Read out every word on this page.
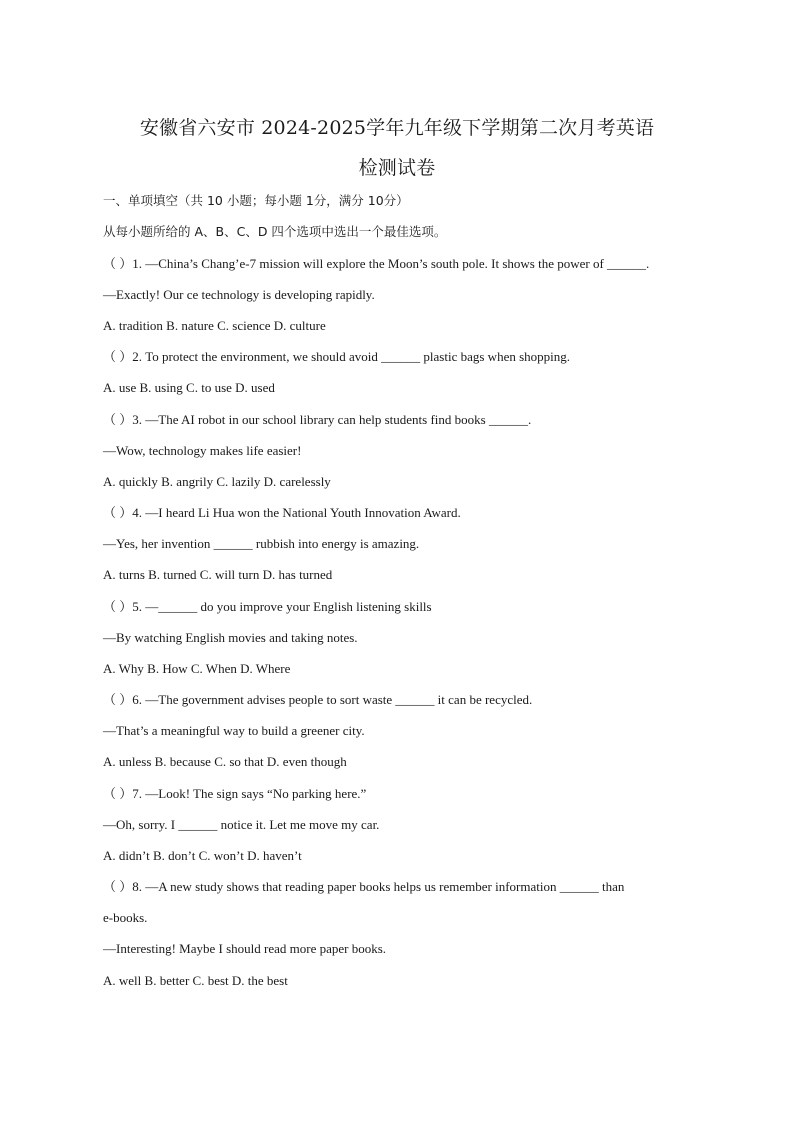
安徽省六安市 2024-2025学年九年级下学期第二次月考英语
检测试卷
一、单项填空（共 10 小题；每小题 1分，满分 10分）
从每小题所给的 A、B、C、D 四个选项中选出一个最佳选项。
（ ）1. —China’s Chang’e-7 mission will explore the Moon’s south pole. It shows the power of ______.
—Exactly! Our ce technology is developing rapidly.
A. tradition B. nature C. science D. culture
（ ）2. To protect the environment, we should avoid ______ plastic bags when shopping.
A. use B. using C. to use D. used
（ ）3. —The AI robot in our school library can help students find books ______.
—Wow, technology makes life easier!
A. quickly B. angrily C. lazily D. carelessly
（ ）4. —I heard Li Hua won the National Youth Innovation Award.
—Yes, her invention ______ rubbish into energy is amazing.
A. turns B. turned C. will turn D. has turned
（ ）5. —______ do you improve your English listening skills
—By watching English movies and taking notes.
A. Why B. How C. When D. Where
（ ）6. —The government advises people to sort waste ______ it can be recycled.
—That’s a meaningful way to build a greener city.
A. unless B. because C. so that D. even though
（ ）7. —Look! The sign says “No parking here.”
—Oh, sorry. I ______ notice it. Let me move my car.
A. didn’t B. don’t C. won’t D. haven’t
（ ）8. —A new study shows that reading paper books helps us remember information ______ than
e-books.
—Interesting! Maybe I should read more paper books.
A. well B. better C. best D. the best
